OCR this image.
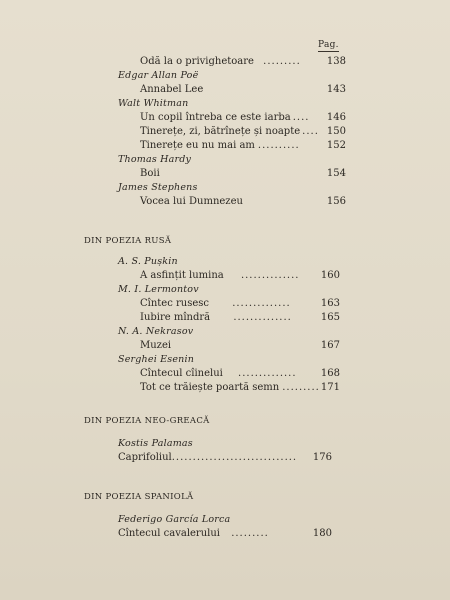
Pag.
Odă la o privighetoare .........	138
Edgar Allan Poë
Annabel Lee	143
Walt Whitman
Un copil întreba ce este iarba ....	146
Tinerețe, zi, bătrînețe și noapte .... 150
Tinerețe eu nu mai am ..........	152
Thomas Hardy
Boii	154
James Stephens
Vocea lui Dumnezeu	156
DIN POEZIA RUSĂ
A. S. Pușkin
A asfințit lumina ..............	160
M. I. Lermontov
Cîntec rusesc ..............	163
Iubire mîndră ..............	165
N. A. Nekrasov
Muzei	167
Serghei Esenin
Cîntecul cîinelui ..............	168
Tot ce trăiește poartă semn ......... 171
DIN POEZIA NEO-GREACĂ
Kostis Palamas
Caprifoliul..............................	176
DIN POEZIA SPANIOLĂ
Federigo García Lorca
Cîntecul cavalerului .........	180
